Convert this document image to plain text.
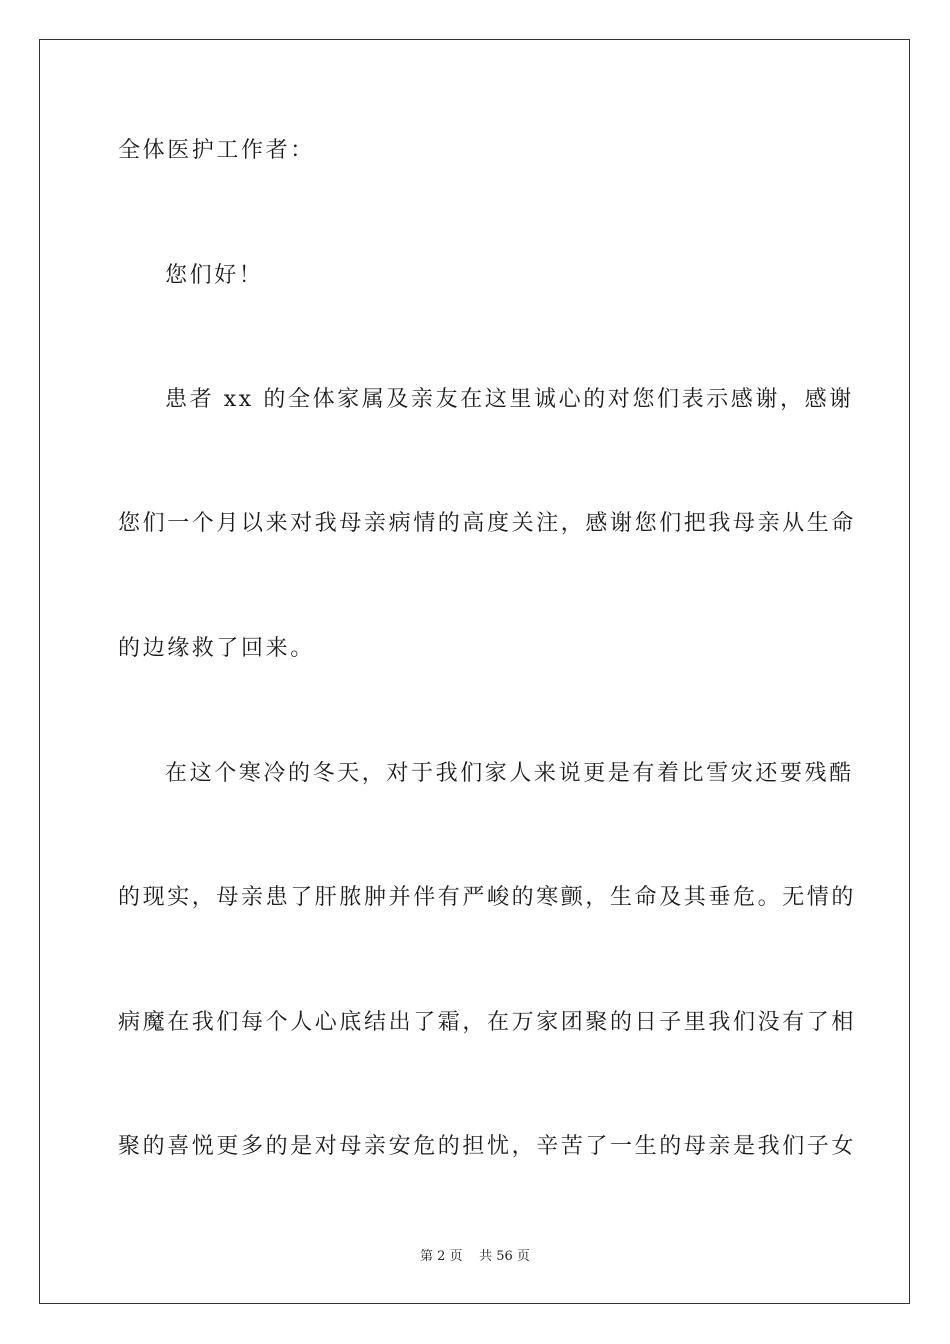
全体医护工作者：

您们好！

患者 xx 的全体家属及亲友在这里诚心的对您们表示感谢，感谢

您们一个月以来对我母亲病情的高度关注，感谢您们把我母亲从生命

的边缘救了回来。

在这个寒冷的冬天，对于我们家人来说更是有着比雪灾还要残酷

的现实，母亲患了肝脓肿并伴有严峻的寒颤，生命及其垂危。无情的

病魔在我们每个人心底结出了霜，在万家团聚的日子里我们没有了相

聚的喜悦更多的是对母亲安危的担忧，辛苦了一生的母亲是我们子女

第 2 页 共 56 页
